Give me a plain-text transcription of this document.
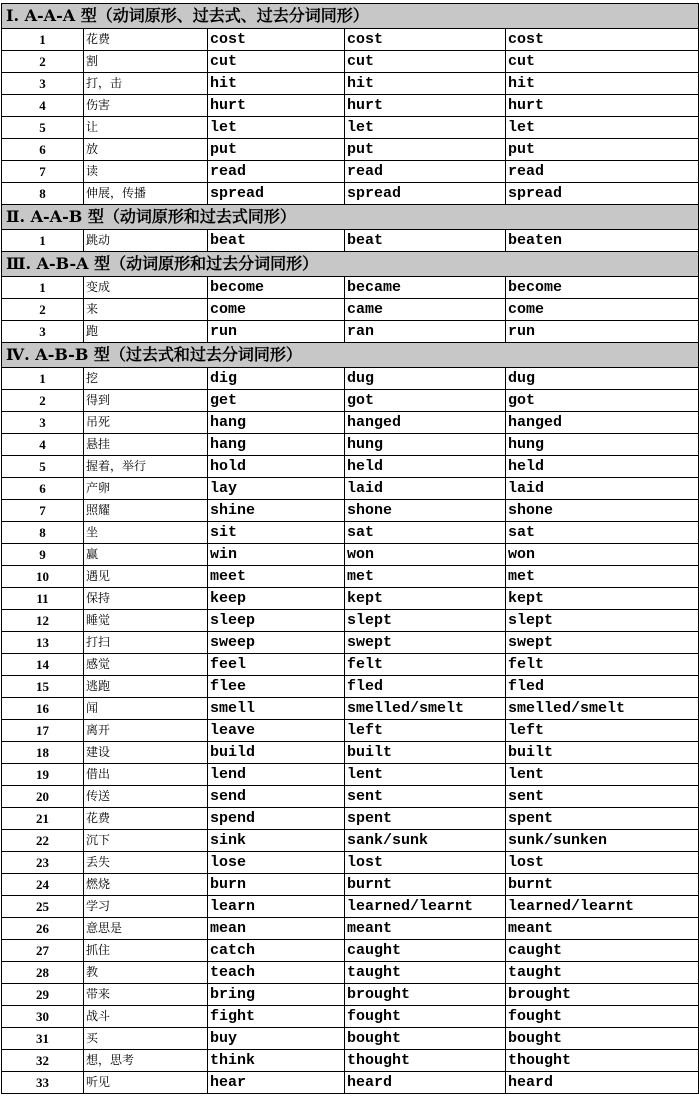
Ⅰ. A-A-A 型（动词原形、过去式、过去分词同形）				
1	花费	cost	cost	cost
2	割	cut	cut	cut
3	打，击	hit	hit	hit
4	伤害	hurt	hurt	hurt
5	让	let	let	let
6	放	put	put	put
7	读	read	read	read
8	伸展，传播	spread	spread	spread
Ⅱ. A-A-B 型（动词原形和过去式同形）				
1	跳动	beat	beat	beaten
Ⅲ. A-B-A 型（动词原形和过去分词同形）				
1	变成	become	became	become
2	来	come	came	come
3	跑	run	ran	run
Ⅳ. A-B-B 型（过去式和过去分词同形）				
1	挖	dig	dug	dug
2	得到	get	got	got
3	吊死	hang	hanged	hanged
4	悬挂	hang	hung	hung
5	握着，举行	hold	held	held
6	产卵	lay	laid	laid
7	照耀	shine	shone	shone
8	坐	sit	sat	sat
9	赢	win	won	won
10	遇见	meet	met	met
11	保持	keep	kept	kept
12	睡觉	sleep	slept	slept
13	打扫	sweep	swept	swept
14	感觉	feel	felt	felt
15	逃跑	flee	fled	fled
16	闻	smell	smelled/smelt	smelled/smelt
17	离开	leave	left	left
18	建设	build	built	built
19	借出	lend	lent	lent
20	传送	send	sent	sent
21	花费	spend	spent	spent
22	沉下	sink	sank/sunk	sunk/sunken
23	丢失	lose	lost	lost
24	燃烧	burn	burnt	burnt
25	学习	learn	learned/learnt	learned/learnt
26	意思是	mean	meant	meant
27	抓住	catch	caught	caught
28	教	teach	taught	taught
29	带来	bring	brought	brought
30	战斗	fight	fought	fought
31	买	buy	bought	bought
32	想，思考	think	thought	thought
33	听见	hear	heard	heard
